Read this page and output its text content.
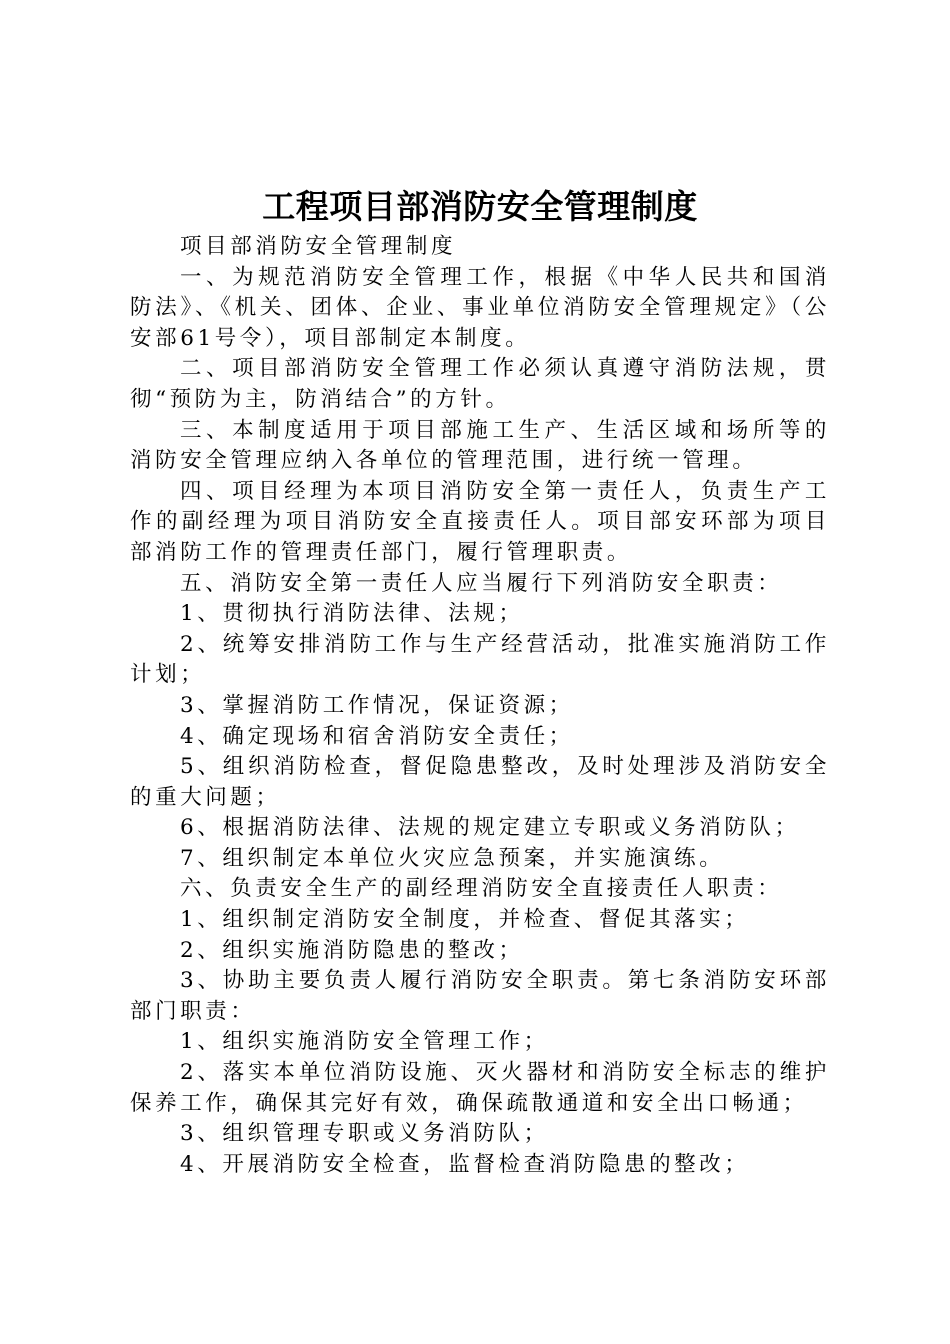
工程项目部消防安全管理制度

项目部消防安全管理制度

一、为规范消防安全管理工作，根据《中华人民共和国消防法》、《机关、团体、企业、事业单位消防安全管理规定》（公安部61号令），项目部制定本制度。

二、项目部消防安全管理工作必须认真遵守消防法规，贯彻“预防为主，防消结合”的方针。

三、本制度适用于项目部施工生产、生活区域和场所等的消防安全管理应纳入各单位的管理范围，进行统一管理。

四、项目经理为本项目消防安全第一责任人，负责生产工作的副经理为项目消防安全直接责任人。项目部安环部为项目部消防工作的管理责任部门，履行管理职责。

五、消防安全第一责任人应当履行下列消防安全职责：

1、贯彻执行消防法律、法规；

2、统筹安排消防工作与生产经营活动，批准实施消防工作计划；

3、掌握消防工作情况，保证资源；

4、确定现场和宿舍消防安全责任；

5、组织消防检查，督促隐患整改，及时处理涉及消防安全的重大问题；

6、根据消防法律、法规的规定建立专职或义务消防队；

7、组织制定本单位火灾应急预案，并实施演练。

六、负责安全生产的副经理消防安全直接责任人职责：

1、组织制定消防安全制度，并检查、督促其落实；

2、组织实施消防隐患的整改；

3、协助主要负责人履行消防安全职责。第七条消防安环部部门职责：

1、组织实施消防安全管理工作；

2、落实本单位消防设施、灭火器材和消防安全标志的维护保养工作，确保其完好有效，确保疏散通道和安全出口畅通；

3、组织管理专职或义务消防队；

4、开展消防安全检查，监督检查消防隐患的整改；
